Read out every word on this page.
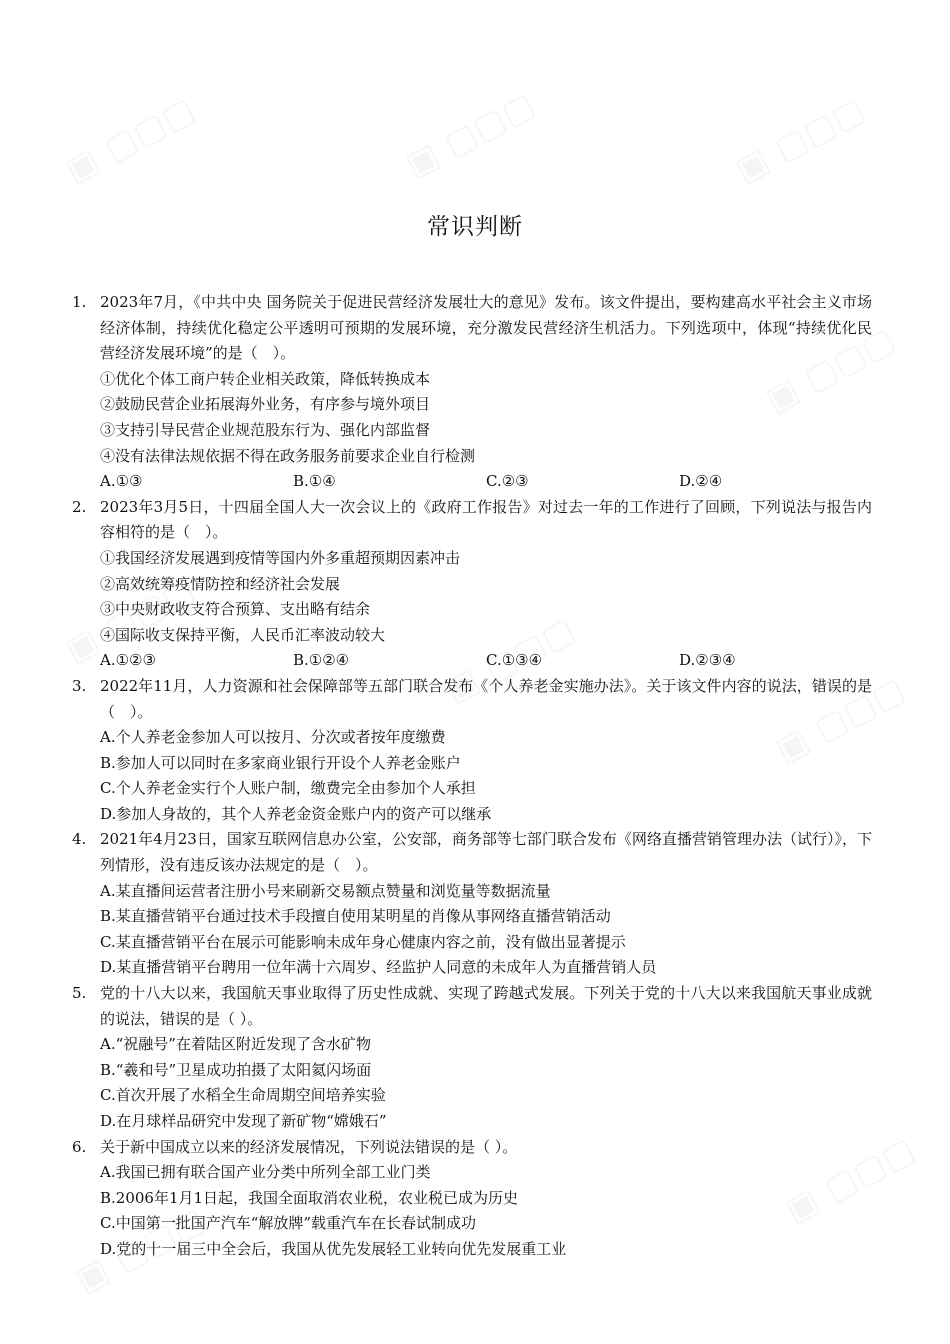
常识判断
1. 2023年7月，《中共中央 国务院关于促进民营经济发展壮大的意见》发布。该文件提出，要构建高水平社会主义市场经济体制，持续优化稳定公平透明可预期的发展环境，充分激发民营经济生机活力。下列选项中，体现“持续优化民营经济发展环境”的是（　）。
①优化个体工商户转企业相关政策，降低转换成本
②鼓励民营企业拓展海外业务，有序参与境外项目
③支持引导民营企业规范股东行为、强化内部监督
④没有法律法规依据不得在政务服务前要求企业自行检测
A.①③	B.①④	C.②③	D.②④
2. 2023年3月5日，十四届全国人大一次会议上的《政府工作报告》对过去一年的工作进行了回顾，下列说法与报告内容相符的是（　）。
①我国经济发展遇到疫情等国内外多重超预期因素冲击
②高效统筹疫情防控和经济社会发展
③中央财政收支符合预算、支出略有结余
④国际收支保持平衡，人民币汇率波动较大
A.①②③	B.①②④	C.①③④	D.②③④
3. 2022年11月，人力资源和社会保障部等五部门联合发布《个人养老金实施办法》。关于该文件内容的说法，错误的是（　）。
A.个人养老金参加人可以按月、分次或者按年度缴费
B.参加人可以同时在多家商业银行开设个人养老金账户
C.个人养老金实行个人账户制，缴费完全由参加个人承担
D.参加人身故的，其个人养老金资金账户内的资产可以继承
4. 2021年4月23日，国家互联网信息办公室，公安部，商务部等七部门联合发布《网络直播营销管理办法（试行）》，下列情形，没有违反该办法规定的是（　）。
A.某直播间运营者注册小号来刷新交易额点赞量和浏览量等数据流量
B.某直播营销平台通过技术手段擅自使用某明星的肖像从事网络直播营销活动
C.某直播营销平台在展示可能影响未成年身心健康内容之前，没有做出显著提示
D.某直播营销平台聘用一位年满十六周岁、经监护人同意的未成年人为直播营销人员
5. 党的十八大以来，我国航天事业取得了历史性成就、实现了跨越式发展。下列关于党的十八大以来我国航天事业成就的说法，错误的是（ ）。
A.“祝融号”在着陆区附近发现了含水矿物
B.“羲和号”卫星成功拍摄了太阳氦闪场面
C.首次开展了水稻全生命周期空间培养实验
D.在月球样品研究中发现了新矿物“嫦娥石”
6. 关于新中国成立以来的经济发展情况，下列说法错误的是（ ）。
A.我国已拥有联合国产业分类中所列全部工业门类
B.2006年1月1日起，我国全面取消农业税，农业税已成为历史
C.中国第一批国产汽车“解放牌”载重汽车在长春试制成功
D.党的十一届三中全会后，我国从优先发展轻工业转向优先发展重工业
